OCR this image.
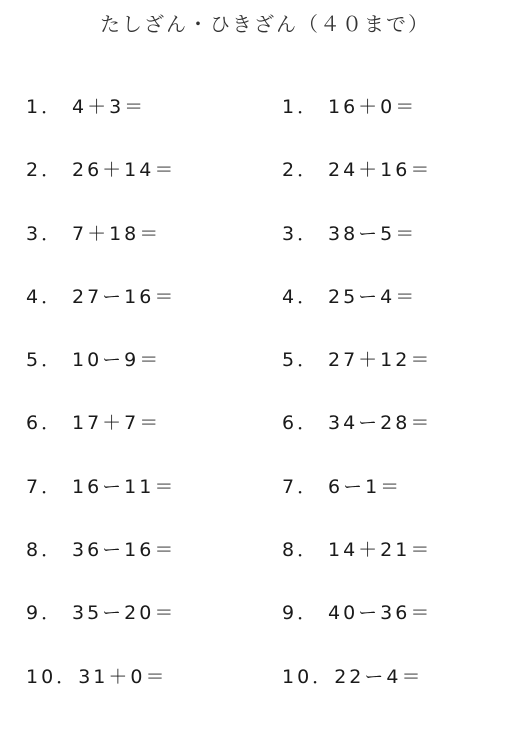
たしざん・ひきざん（４０まで）
1． 4＋3＝
2． 26＋14＝
3． 7＋18＝
4． 27ー16＝
5． 10ー9＝
6． 17＋7＝
7． 16ー11＝
8． 36ー16＝
9． 35ー20＝
10． 31＋0＝
1． 16＋0＝
2． 24＋16＝
3． 38ー5＝
4． 25ー4＝
5． 27＋12＝
6． 34ー28＝
7． 6ー1＝
8． 14＋21＝
9． 40ー36＝
10． 22ー4＝
